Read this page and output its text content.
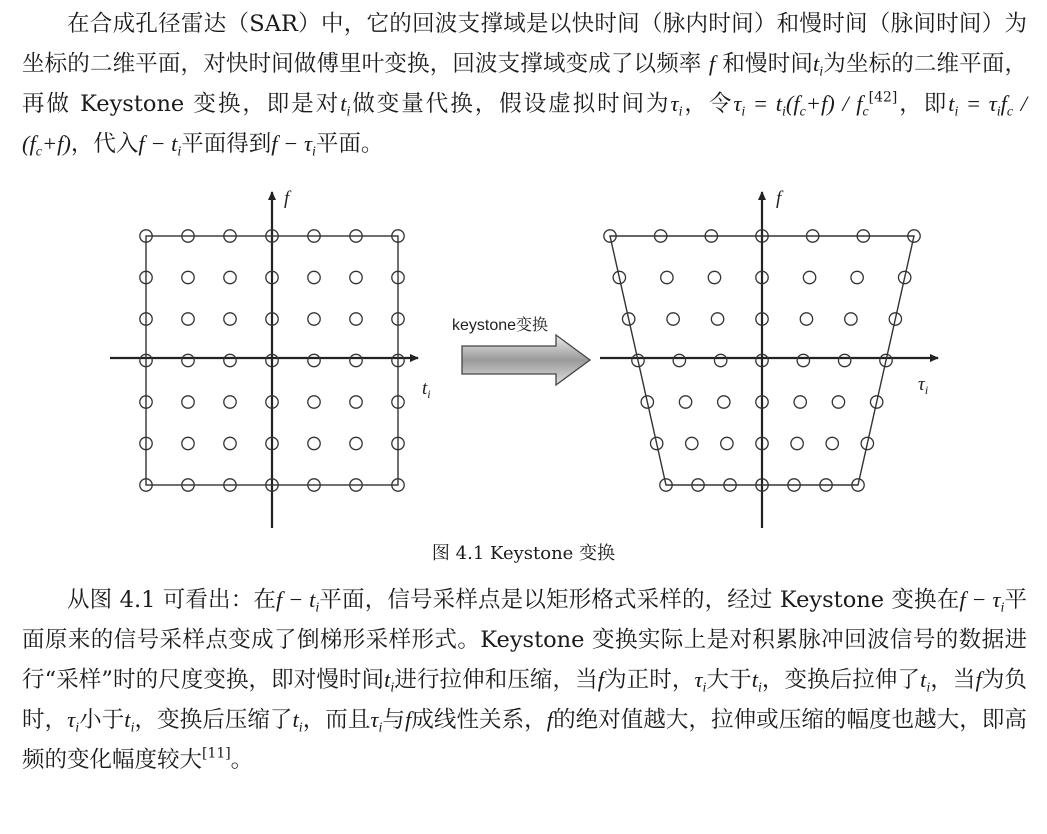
在合成孔径雷达（SAR）中，它的回波支撑域是以快时间（脉内时间）和慢时间（脉间时间）为坐标的二维平面，对快时间做傅里叶变换，回波支撑域变成了以频率 f 和慢时间$t_i$为坐标的二维平面，再做 Keystone 变换，即是对$t_i$做变量代换，假设虚拟时间为$\tau_i$，令$\tau_i = t_i(f_c+f) / f_c[42]$，即$t_i = \tau_if_c / (f_c+f)$，代入$f - t_i$平面得到$f - \tau_i$平面。

$t_i$
f
keystone变换
$\tau_i$
f
图 4.1 Keystone 变换

从图 4.1 可看出：在$f - t_i$平面，信号采样点是以矩形格式采样的，经过 Keystone 变换在$f - \tau_i$平面原来的信号采样点变成了倒梯形采样形式。Keystone 变换实际上是对积累脉冲回波信号的数据进行“采样”时的尺度变换，即对慢时间$t_i$进行拉伸和压缩，当f为正时，$\tau_i$大于$t_i$，变换后拉伸了$t_i$，当f为负时，$\tau_i$小于$t_i$，变换后压缩了$t_i$，而且$\tau_i$与f成线性关系，f的绝对值越大，拉伸或压缩的幅度也越大，即高频的变化幅度较大[11]。
